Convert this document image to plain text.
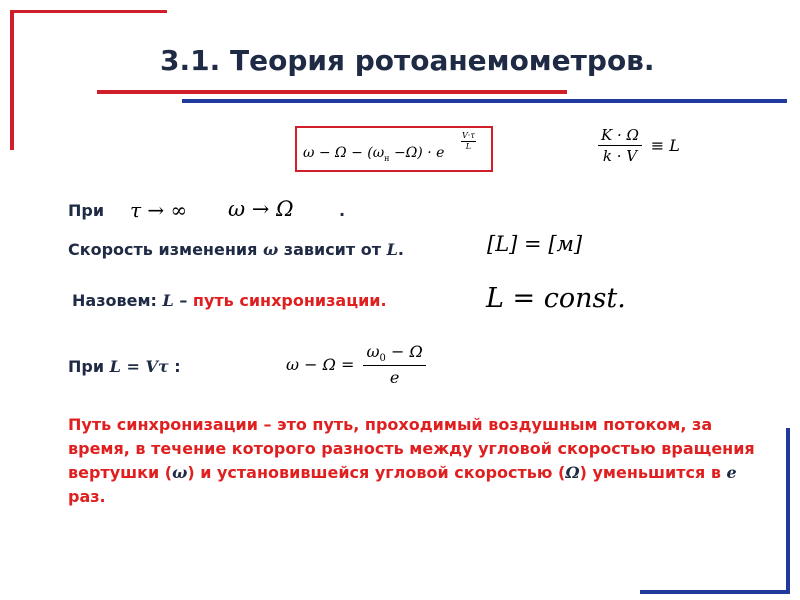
3.1. Теория ротоанемометров.
$\omega - \Omega - (\omega_н -\Omega) \cdot e$
$\frac{V\cdot\tau}{L}$	$\frac{K \cdot \Omega}{k \cdot V} \equiv L$
При τ → ∞ ω → Ω	.
Скорость изменения ω зависит от L.	[L] = [м]
Назовем: L – путь синхронизации.	L = const.
При L = Vτ :	$\omega - \Omega = \frac{\omega_0 - \Omega}{e}$
Путь синхронизации – это путь, проходимый воздушным потоком, за время, в течение которого разность между угловой скоростью вращения вертушки (ω) и установившейся угловой скоростью (Ω) уменьшится в e раз.
